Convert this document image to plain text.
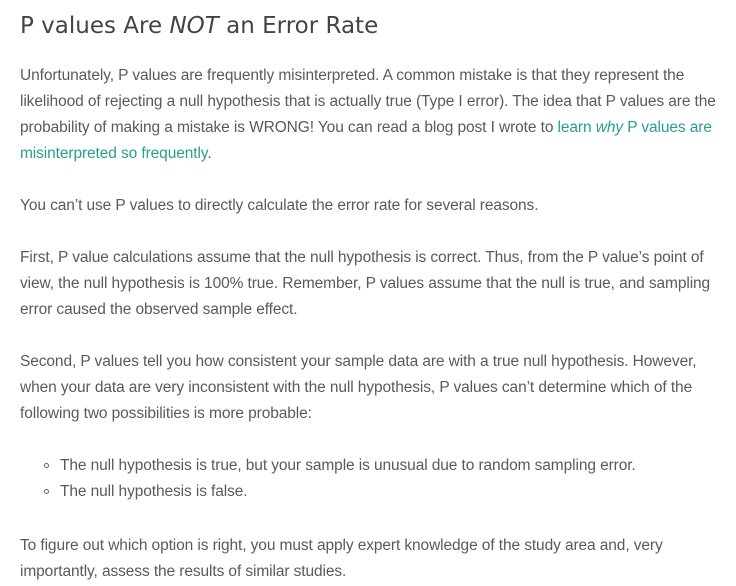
P values Are NOT an Error Rate

Unfortunately, P values are frequently misinterpreted. A common mistake is that they represent the likelihood of rejecting a null hypothesis that is actually true (Type I error). The idea that P values are the probability of making a mistake is WRONG! You can read a blog post I wrote to learn why P values are misinterpreted so frequently.

You can’t use P values to directly calculate the error rate for several reasons.

First, P value calculations assume that the null hypothesis is correct. Thus, from the P value’s point of view, the null hypothesis is 100% true. Remember, P values assume that the null is true, and sampling error caused the observed sample effect.

Second, P values tell you how consistent your sample data are with a true null hypothesis. However, when your data are very inconsistent with the null hypothesis, P values can’t determine which of the following two possibilities is more probable:

The null hypothesis is true, but your sample is unusual due to random sampling error.
The null hypothesis is false.

To figure out which option is right, you must apply expert knowledge of the study area and, very importantly, assess the results of similar studies.
